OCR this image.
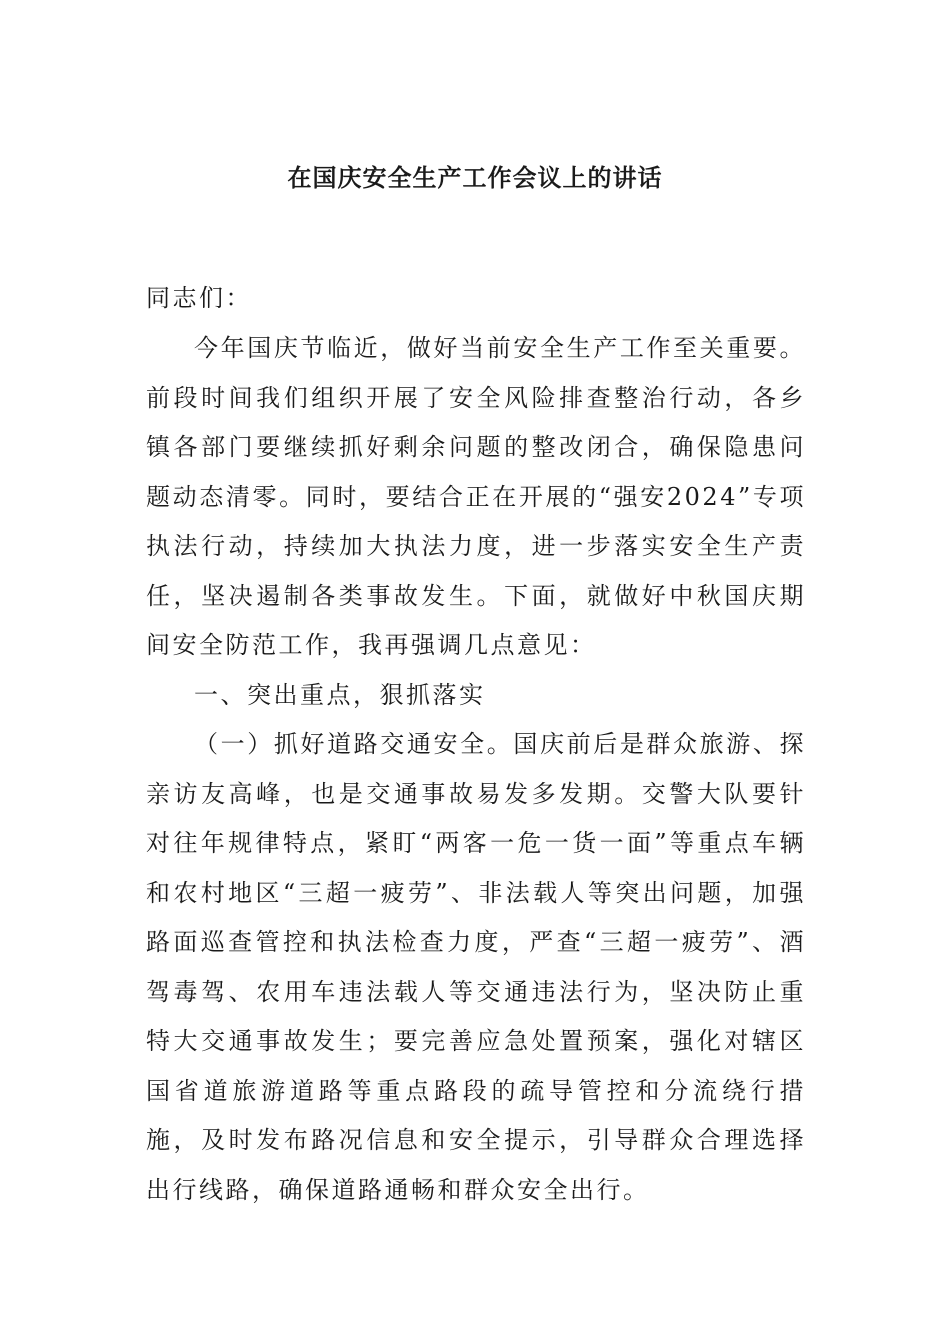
在国庆安全生产工作会议上的讲话
同志们：

今年国庆节临近，做好当前安全生产工作至关重要。前段时间我们组织开展了安全风险排查整治行动，各乡镇各部门要继续抓好剩余问题的整改闭合，确保隐患问题动态清零。同时，要结合正在开展的“强安2024”专项执法行动，持续加大执法力度，进一步落实安全生产责任，坚决遏制各类事故发生。下面，就做好中秋国庆期间安全防范工作，我再强调几点意见：

一、突出重点，狠抓落实

（一）抓好道路交通安全。国庆前后是群众旅游、探亲访友高峰，也是交通事故易发多发期。交警大队要针对往年规律特点，紧盯“两客一危一货一面”等重点车辆和农村地区“三超一疲劳”、非法载人等突出问题，加强路面巡查管控和执法检查力度，严查“三超一疲劳”、酒驾毒驾、农用车违法载人等交通违法行为，坚决防止重特大交通事故发生；要完善应急处置预案，强化对辖区国省道旅游道路等重点路段的疏导管控和分流绕行措施，及时发布路况信息和安全提示，引导群众合理选择出行线路，确保道路通畅和群众安全出行。
